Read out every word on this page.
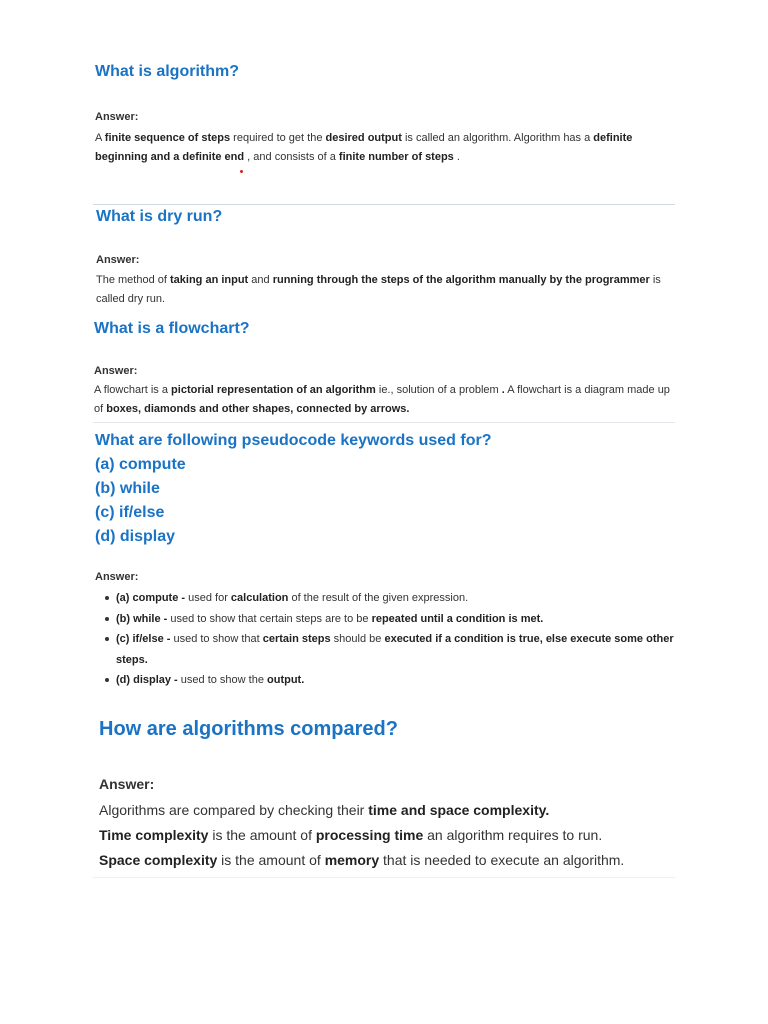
What is algorithm?

Answer:

A finite sequence of steps required to get the desired output is called an algorithm. Algorithm has a definite beginning and a definite end , and consists of a finite number of steps .

What is dry run?

Answer:

The method of taking an input and running through the steps of the algorithm manually by the programmer is called dry run.

What is a flowchart?

Answer:

A flowchart is a pictorial representation of an algorithm ie., solution of a problem . A flowchart is a diagram made up of boxes, diamonds and other shapes, connected by arrows.

What are following pseudocode keywords used for?
(a) compute
(b) while
(c) if/else
(d) display

Answer:

(a) compute - used for calculation of the result of the given expression.
(b) while - used to show that certain steps are to be repeated until a condition is met.
(c) if/else - used to show that certain steps should be executed if a condition is true, else execute some other steps.
(d) display - used to show the output.
How are algorithms compared?

Answer:

Algorithms are compared by checking their time and space complexity.

Time complexity is the amount of processing time an algorithm requires to run.

Space complexity is the amount of memory that is needed to execute an algorithm.
